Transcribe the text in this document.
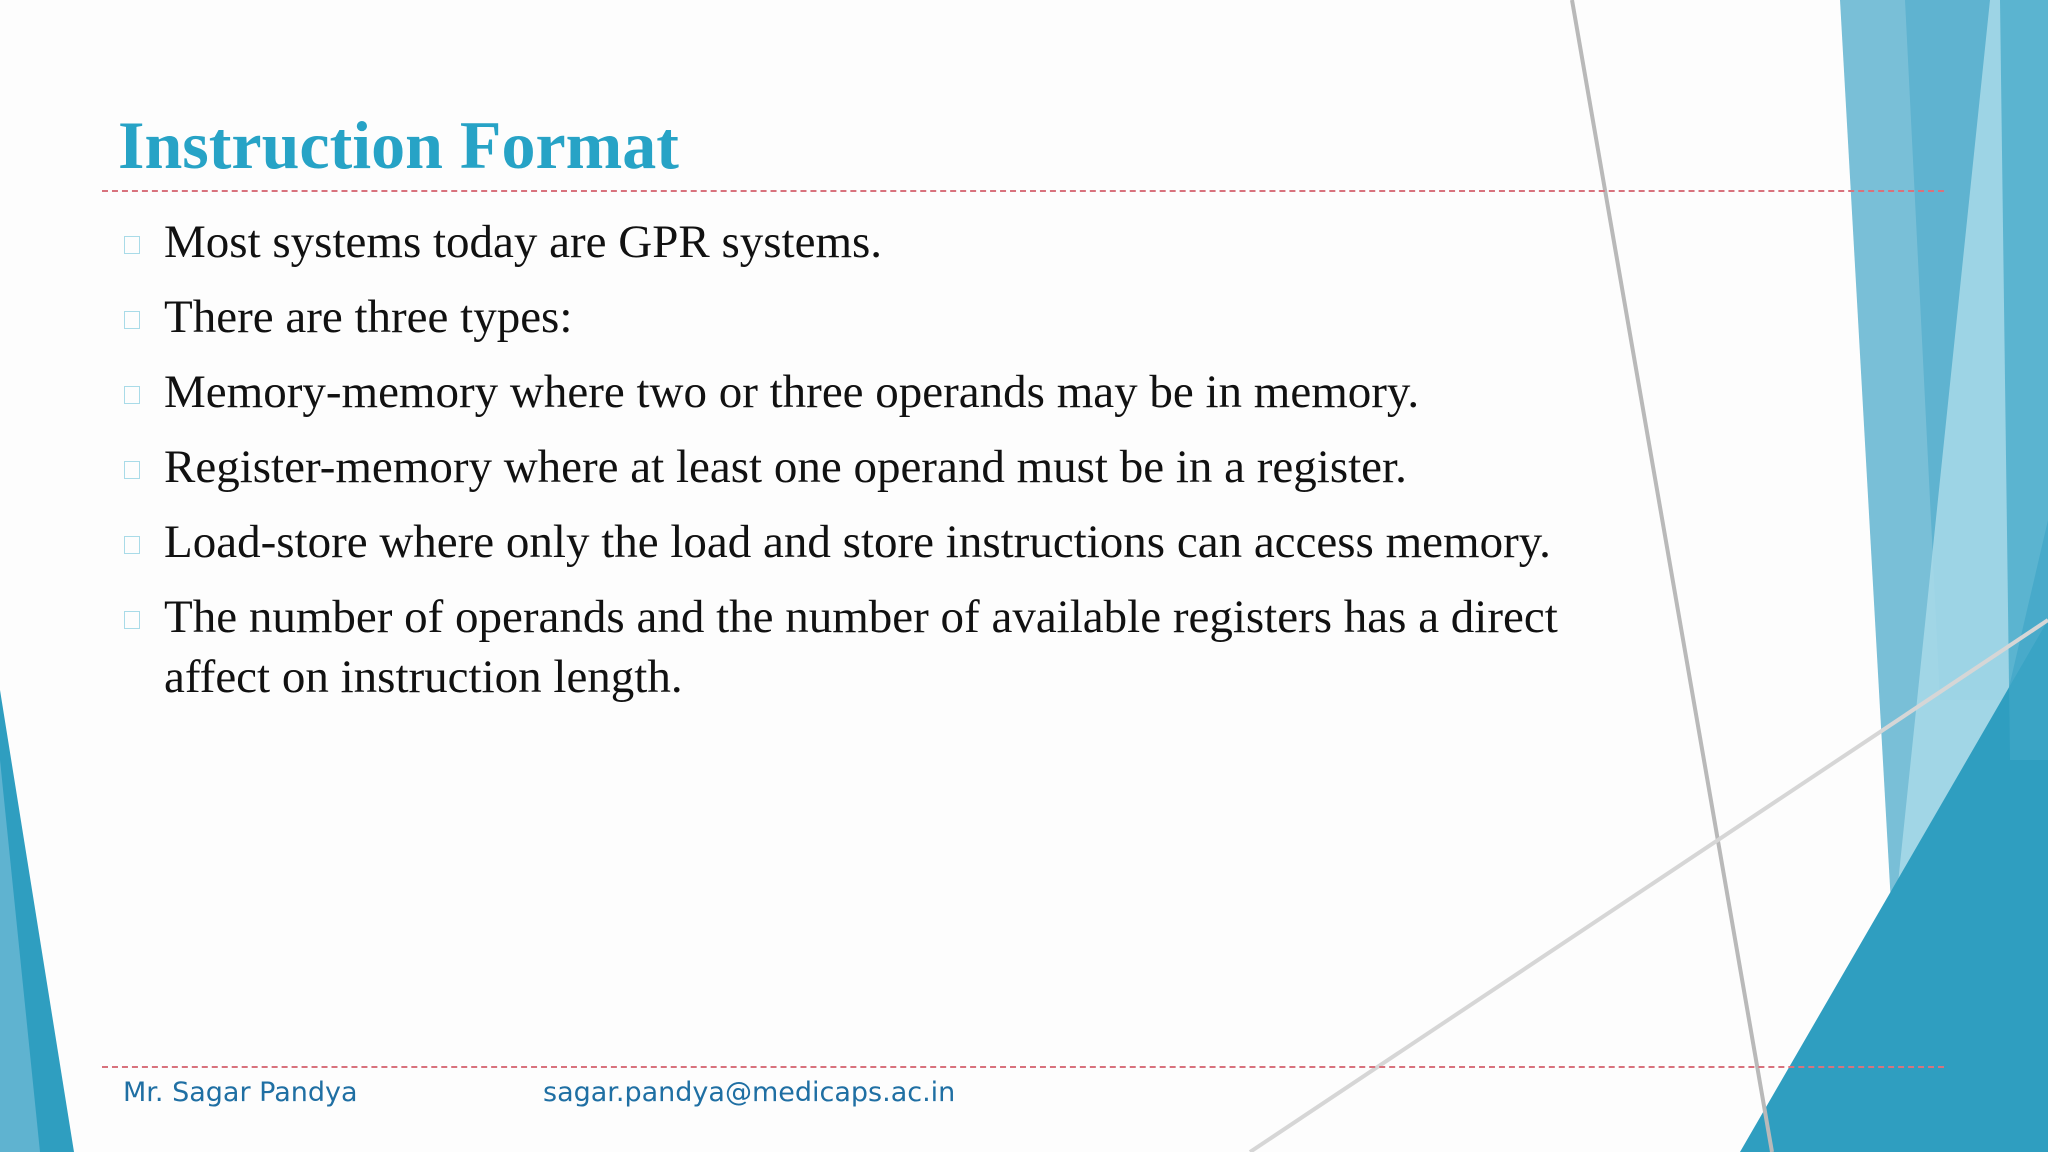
Instruction Format
Most systems today are GPR systems.
There are three types:
Memory-memory where two or three operands may be in memory.
Register-memory where at least one operand must be in a register.
Load-store where only the load and store instructions can access memory.
The number of operands and the number of available registers has a direct affect on instruction length.
Mr. Sagar Pandya	sagar.pandya@medicaps.ac.in
